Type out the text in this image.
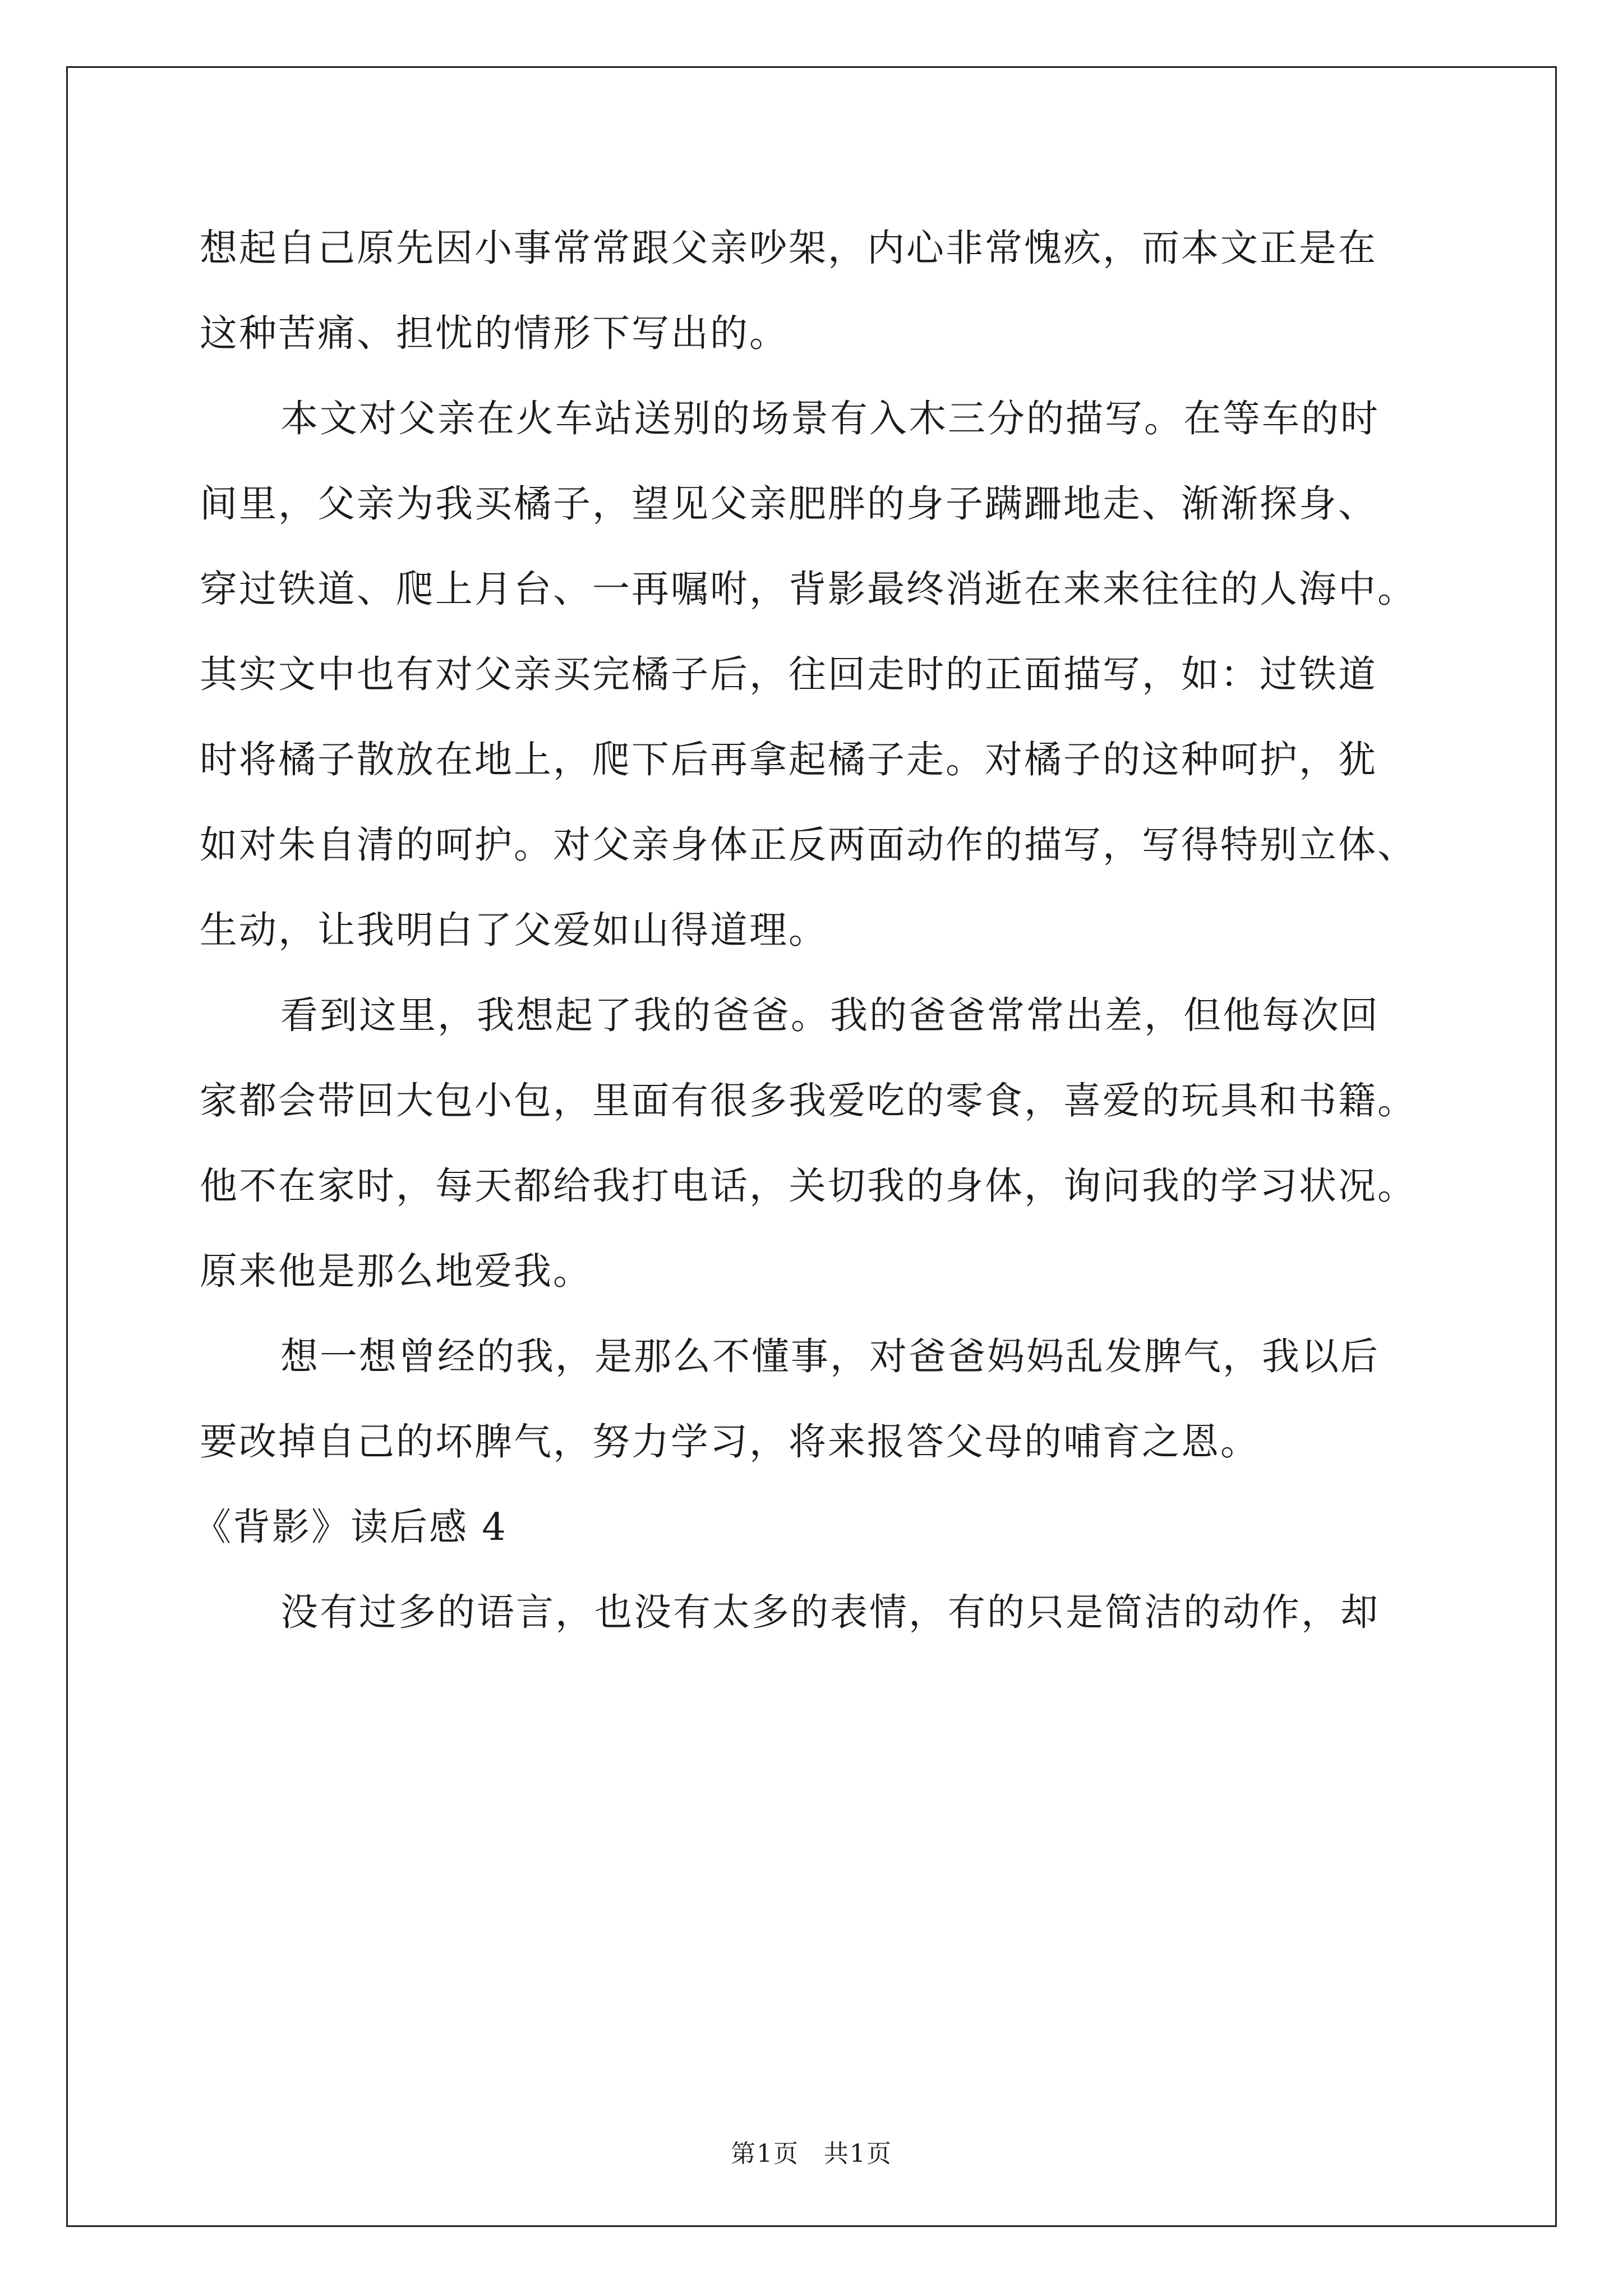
想起自己原先因小事常常跟父亲吵架，内心非常愧疚，而本文正是在
这种苦痛、担忧的情形下写出的。
本文对父亲在火车站送别的场景有入木三分的描写。在等车的时
间里，父亲为我买橘子，望见父亲肥胖的身子蹒跚地走、渐渐探身、
穿过铁道、爬上月台、一再嘱咐，背影最终消逝在来来往往的人海中。
其实文中也有对父亲买完橘子后，往回走时的正面描写，如：过铁道
时将橘子散放在地上，爬下后再拿起橘子走。对橘子的这种呵护，犹
如对朱自清的呵护。对父亲身体正反两面动作的描写，写得特别立体、
生动，让我明白了父爱如山得道理。
看到这里，我想起了我的爸爸。我的爸爸常常出差，但他每次回
家都会带回大包小包，里面有很多我爱吃的零食，喜爱的玩具和书籍。
他不在家时，每天都给我打电话，关切我的身体，询问我的学习状况。
原来他是那么地爱我。
想一想曾经的我，是那么不懂事，对爸爸妈妈乱发脾气，我以后
要改掉自己的坏脾气，努力学习，将来报答父母的哺育之恩。
《背影》读后感 4
没有过多的语言，也没有太多的表情，有的只是简洁的动作，却
第1页 共1页
